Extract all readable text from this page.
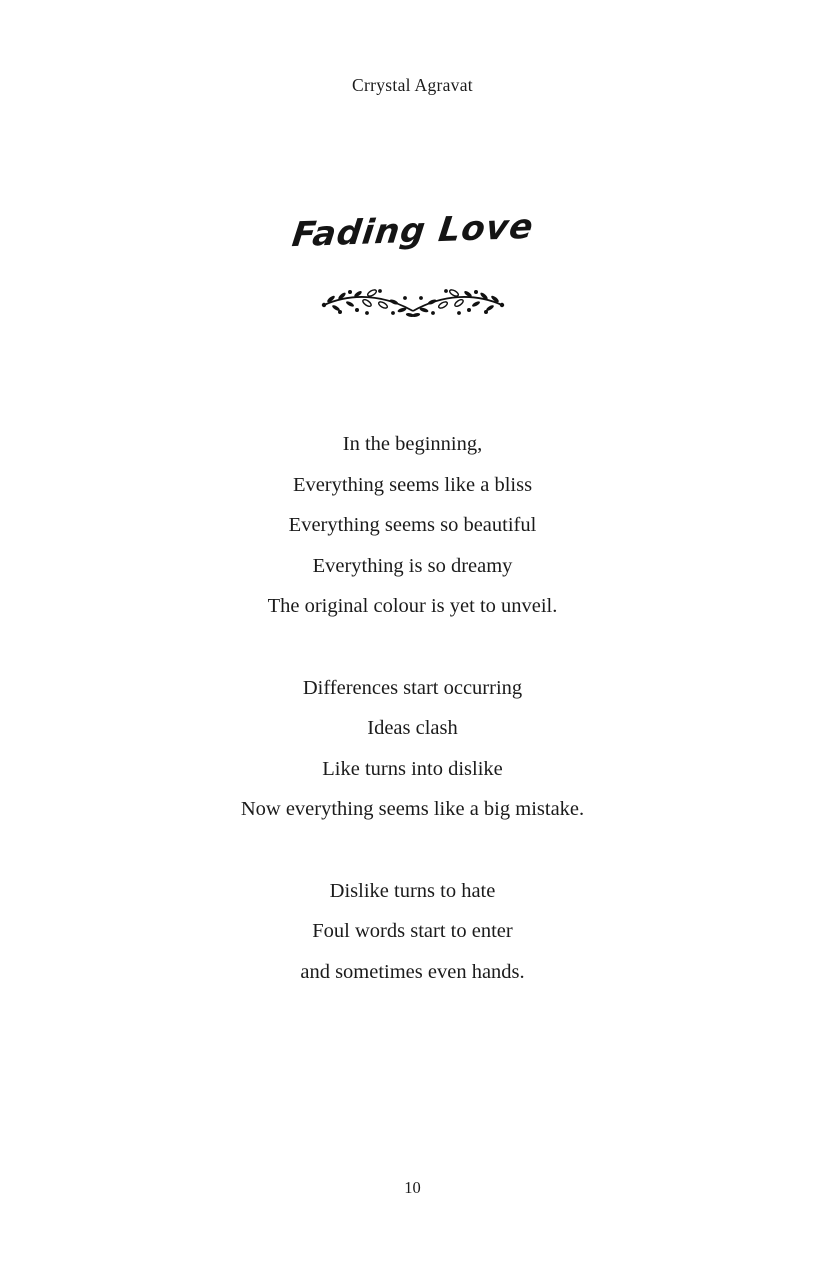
Crrystal Agravat
Fading Love
In the beginning,
Everything seems like a bliss
Everything seems so beautiful
Everything is so dreamy
The original colour is yet to unveil.
Differences start occurring
Ideas clash
Like turns into dislike
Now everything seems like a big mistake.
Dislike turns to hate
Foul words start to enter
and sometimes even hands.
10
